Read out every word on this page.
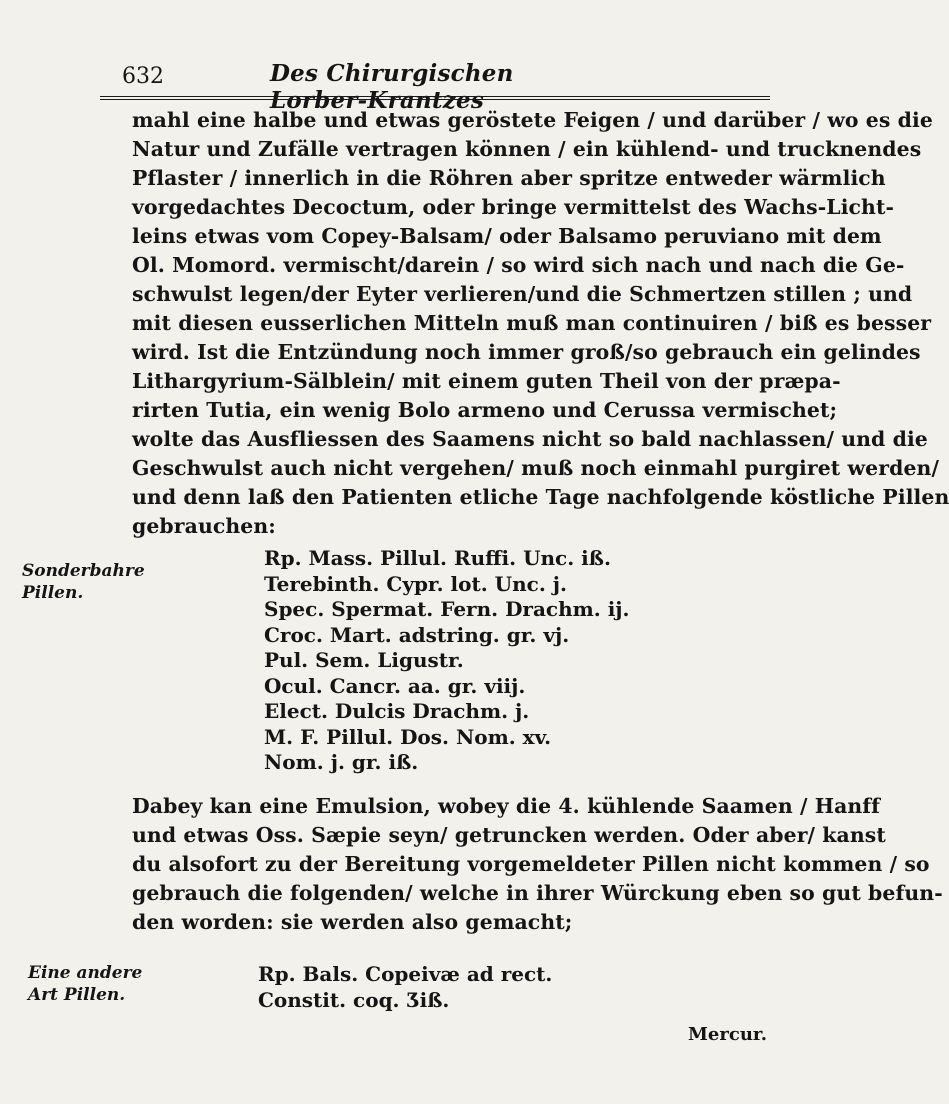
632	Des Chirurgischen Lorber-Krantzes
mahl eine halbe und etwas geröstete Feigen / und darüber / wo es die
Natur und Zufälle vertragen können / ein kühlend- und trucknendes
Pflaster / innerlich in die Röhren aber spritze entweder wärmlich
vorgedachtes Decoctum, oder bringe vermittelst des Wachs-Licht-
leins etwas vom Copey-Balsam/ oder Balsamo peruviano mit dem
Ol. Momord. vermischt/darein / so wird sich nach und nach die Ge-
schwulst legen/der Eyter verlieren/und die Schmertzen stillen ; und
mit diesen eusserlichen Mitteln muß man continuiren / biß es besser
wird. Ist die Entzündung noch immer groß/so gebrauch ein gelindes
Lithargyrium-Sälblein/ mit einem guten Theil von der præpa-
rirten Tutia, ein wenig Bolo armeno und Cerussa vermischet;
wolte das Ausfliessen des Saamens nicht so bald nachlassen/ und die
Geschwulst auch nicht vergehen/ muß noch einmahl purgiret werden/
und denn laß den Patienten etliche Tage nachfolgende köstliche Pillen
gebrauchen:
Sonderbahre
Pillen.
Rp. Mass. Pillul. Ruffi. Unc. iß.
Terebinth. Cypr. lot. Unc. j.
Spec. Spermat. Fern. Drachm. ij.
Croc. Mart. adstring. gr. vj.
Pul. Sem. Ligustr.
Ocul. Cancr. aa. gr. viij.
Elect. Dulcis Drachm. j.
M. F. Pillul. Dos. Nom. xv.
Nom. j. gr. iß.
Dabey kan eine Emulsion, wobey die 4. kühlende Saamen / Hanff
und etwas Oss. Sæpie seyn/ getruncken werden. Oder aber/ kanst
du alsofort zu der Bereitung vorgemeldeter Pillen nicht kommen / so
gebrauch die folgenden/ welche in ihrer Würckung eben so gut befun-
den worden: sie werden also gemacht;
Eine andere
Art Pillen.
Rp. Bals. Copeivæ ad rect.
Constit. coq. Ʒiß.
Mercur.
